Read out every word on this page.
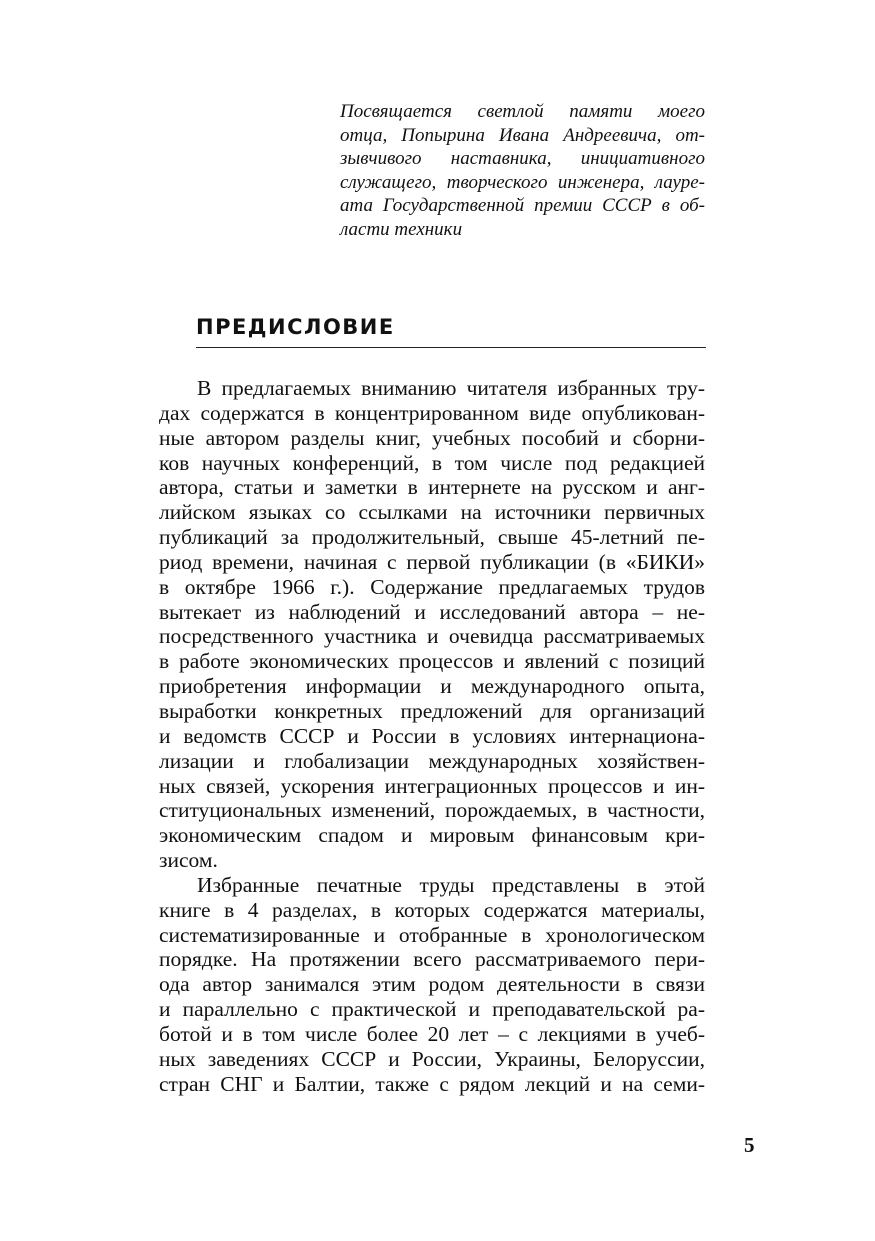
Посвящается светлой памяти моего
отца, Попырина Ивана Андреевича, от-
зывчивого наставника, инициативного
служащего, творческого инженера, лауре-
ата Государственной премии СССР в об-
ласти техники
ПРЕДИСЛОВИЕ
В предлагаемых вниманию читателя избранных тру-
дах содержатся в концентрированном виде опубликован-
ные автором разделы книг, учебных пособий и сборни-
ков научных конференций, в том числе под редакцией
автора, статьи и заметки в интернете на русском и анг-
лийском языках со ссылками на источники первичных
публикаций за продолжительный, свыше 45-летний пе-
риод времени, начиная с первой публикации (в «БИКИ»
в октябре 1966 г.). Содержание предлагаемых трудов
вытекает из наблюдений и исследований автора – не-
посредственного участника и очевидца рассматриваемых
в работе экономических процессов и явлений с позиций
приобретения информации и международного опыта,
выработки конкретных предложений для организаций
и ведомств СССР и России в условиях интернациона-
лизации и глобализации международных хозяйствен-
ных связей, ускорения интеграционных процессов и ин-
ституциональных изменений, порождаемых, в частности,
экономическим спадом и мировым финансовым кри-
зисом.
Избранные печатные труды представлены в этой
книге в 4 разделах, в которых содержатся материалы,
систематизированные и отобранные в хронологическом
порядке. На протяжении всего рассматриваемого пери-
ода автор занимался этим родом деятельности в связи
и параллельно с практической и преподавательской ра-
ботой и в том числе более 20 лет – с лекциями в учеб-
ных заведениях СССР и России, Украины, Белоруссии,
стран СНГ и Балтии, также с рядом лекций и на семи-
5
